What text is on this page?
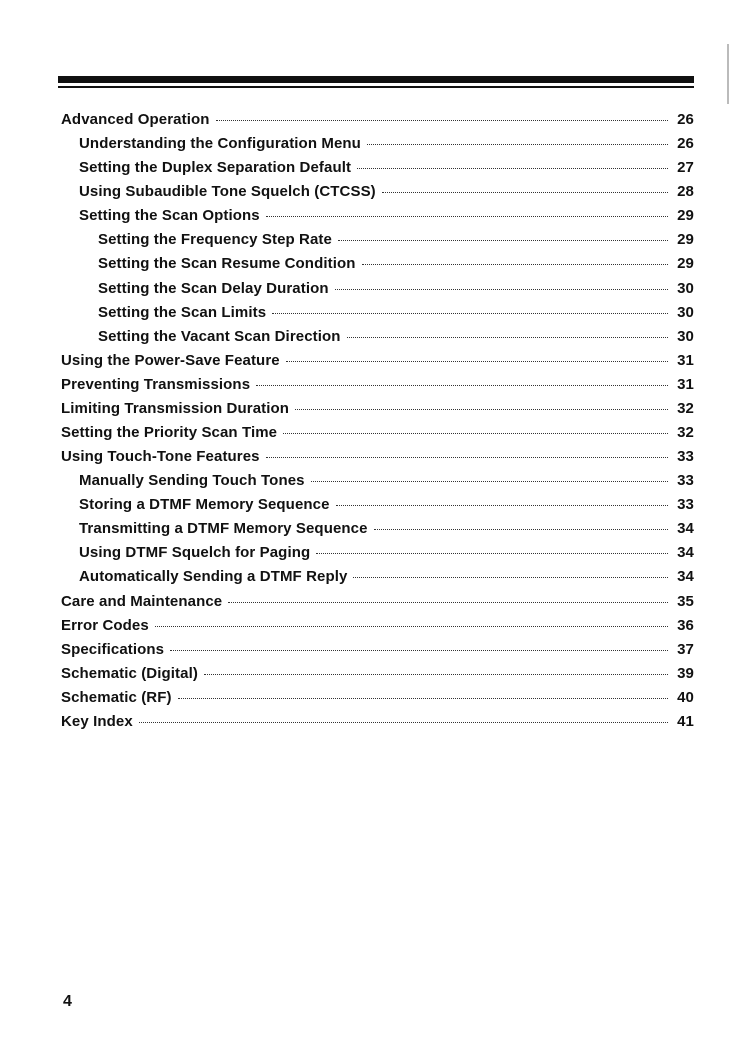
Advanced Operation	26
Understanding the Configuration Menu	26
Setting the Duplex Separation Default	27
Using Subaudible Tone Squelch (CTCSS)	28
Setting the Scan Options	29
Setting the Frequency Step Rate	29
Setting the Scan Resume Condition	29
Setting the Scan Delay Duration	30
Setting the Scan Limits	30
Setting the Vacant Scan Direction	30
Using the Power-Save Feature	31
Preventing Transmissions	31
Limiting Transmission Duration	32
Setting the Priority Scan Time	32
Using Touch-Tone Features	33
Manually Sending Touch Tones	33
Storing a DTMF Memory Sequence	33
Transmitting a DTMF Memory Sequence	34
Using DTMF Squelch for Paging	34
Automatically Sending a DTMF Reply	34
Care and Maintenance	35
Error Codes	36
Specifications	37
Schematic (Digital)	39
Schematic (RF)	40
Key Index	41
4
